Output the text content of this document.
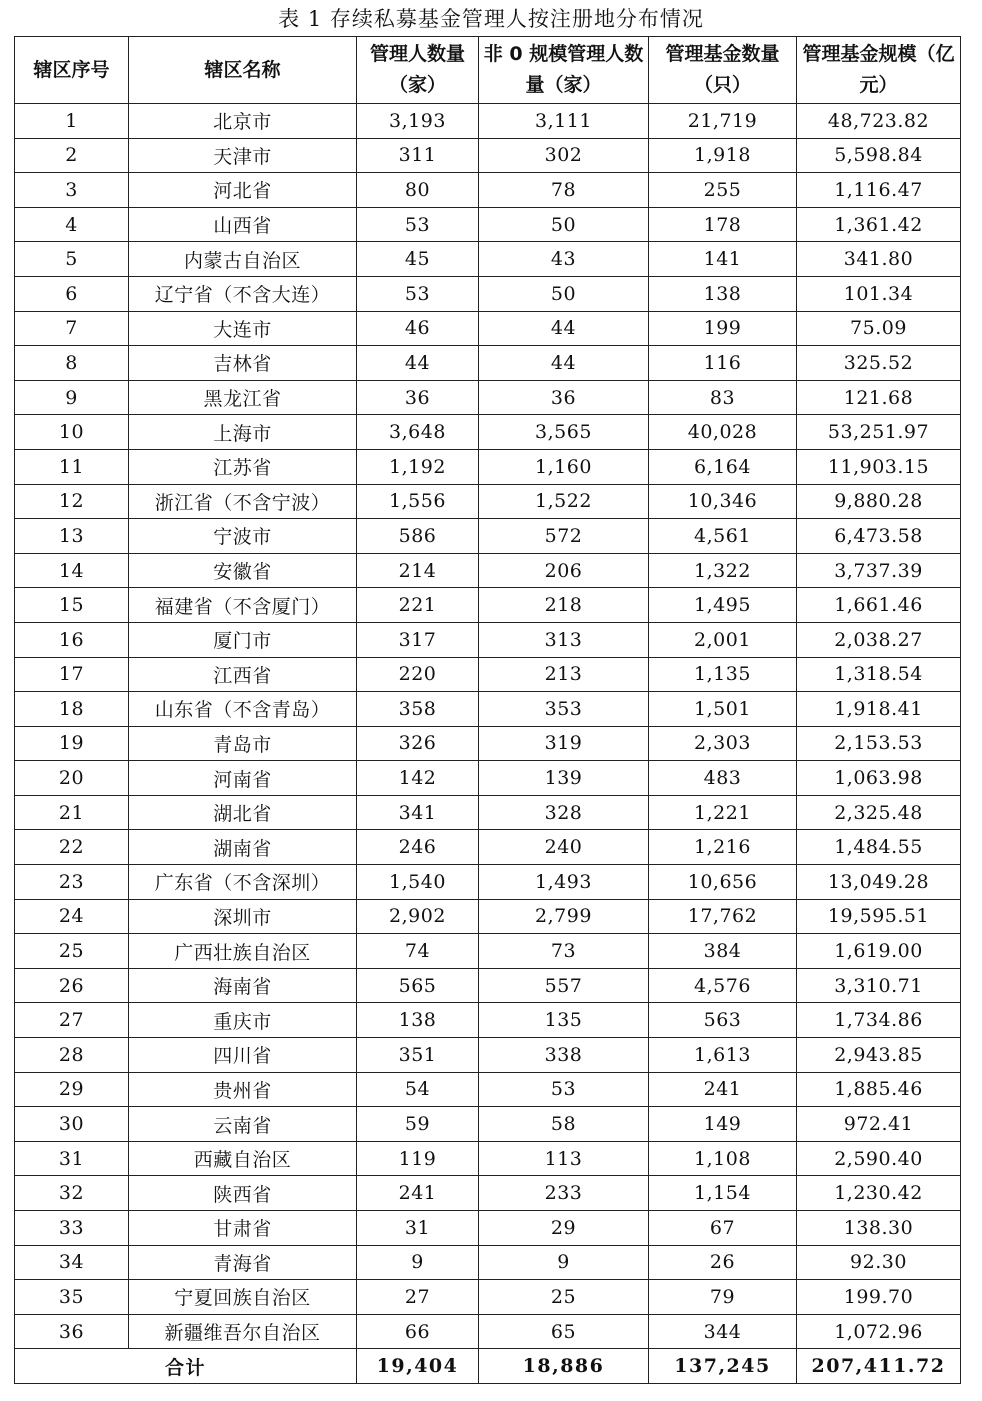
表 1 存续私募基金管理人按注册地分布情况
辖区序号	辖区名称	管理人数量（家）	非 0 规模管理人数量（家）	管理基金数量（只）	管理基金规模（亿元）
1	北京市	3,193	3,111	21,719	48,723.82
2	天津市	311	302	1,918	5,598.84
3	河北省	80	78	255	1,116.47
4	山西省	53	50	178	1,361.42
5	内蒙古自治区	45	43	141	341.80
6	辽宁省（不含大连）	53	50	138	101.34
7	大连市	46	44	199	75.09
8	吉林省	44	44	116	325.52
9	黑龙江省	36	36	83	121.68
10	上海市	3,648	3,565	40,028	53,251.97
11	江苏省	1,192	1,160	6,164	11,903.15
12	浙江省（不含宁波）	1,556	1,522	10,346	9,880.28
13	宁波市	586	572	4,561	6,473.58
14	安徽省	214	206	1,322	3,737.39
15	福建省（不含厦门）	221	218	1,495	1,661.46
16	厦门市	317	313	2,001	2,038.27
17	江西省	220	213	1,135	1,318.54
18	山东省（不含青岛）	358	353	1,501	1,918.41
19	青岛市	326	319	2,303	2,153.53
20	河南省	142	139	483	1,063.98
21	湖北省	341	328	1,221	2,325.48
22	湖南省	246	240	1,216	1,484.55
23	广东省（不含深圳）	1,540	1,493	10,656	13,049.28
24	深圳市	2,902	2,799	17,762	19,595.51
25	广西壮族自治区	74	73	384	1,619.00
26	海南省	565	557	4,576	3,310.71
27	重庆市	138	135	563	1,734.86
28	四川省	351	338	1,613	2,943.85
29	贵州省	54	53	241	1,885.46
30	云南省	59	58	149	972.41
31	西藏自治区	119	113	1,108	2,590.40
32	陕西省	241	233	1,154	1,230.42
33	甘肃省	31	29	67	138.30
34	青海省	9	9	26	92.30
35	宁夏回族自治区	27	25	79	199.70
36	新疆维吾尔自治区	66	65	344	1,072.96
合计		19,404	18,886	137,245	207,411.72
